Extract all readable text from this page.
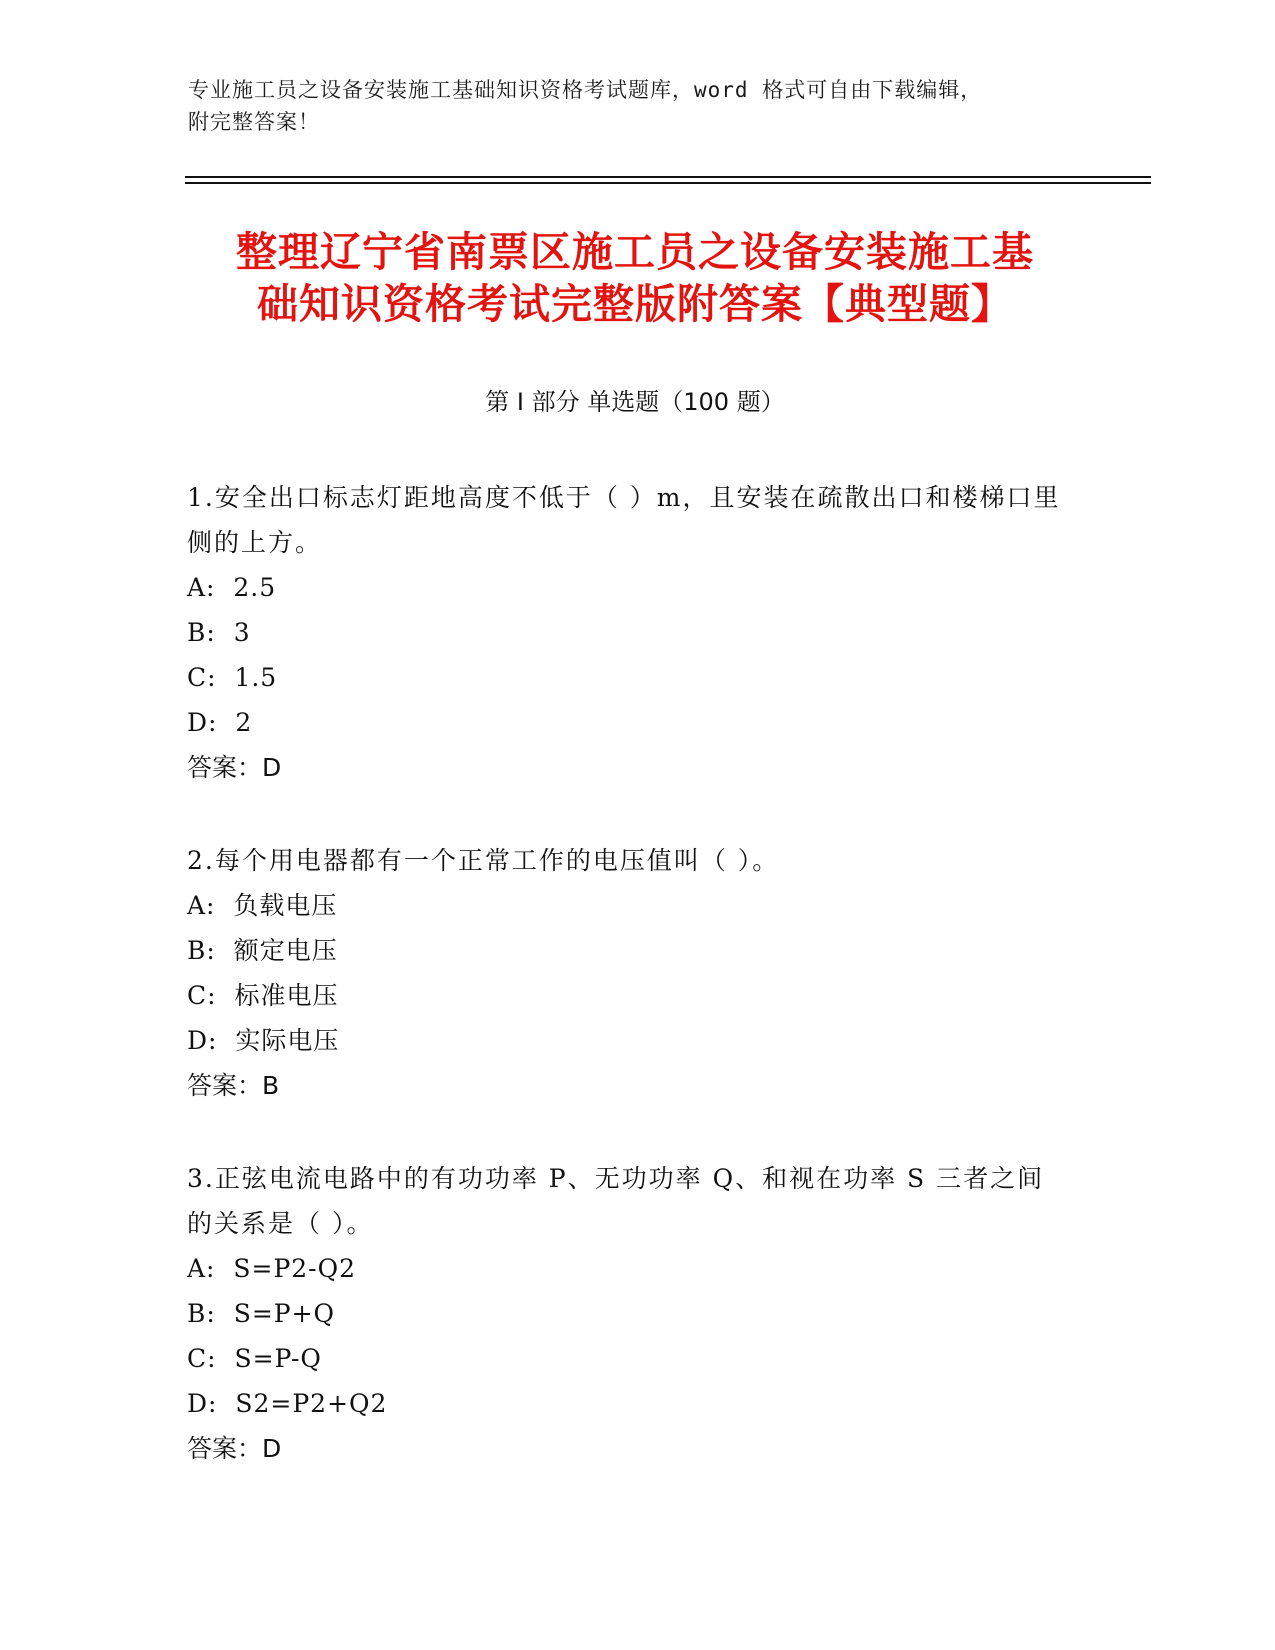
专业施工员之设备安装施工基础知识资格考试题库，word 格式可自由下载编辑，
附完整答案！
整理辽宁省南票区施工员之设备安装施工基
础知识资格考试完整版附答案【典型题】
第 I 部分 单选题（100 题）
1.安全出口标志灯距地高度不低于（ ）m，且安装在疏散出口和楼梯口里侧的上方。
A:  2.5
B:  3
C:  1.5
D:  2
答案：D
2.每个用电器都有一个正常工作的电压值叫（ ）。
A:  负载电压
B:  额定电压
C:  标准电压
D:  实际电压
答案：B
3.正弦电流电路中的有功功率 P、无功功率 Q、和视在功率 S 三者之间的关系是（ ）。
A:  S=P2-Q2
B:  S=P+Q
C:  S=P-Q
D:  S2=P2+Q2
答案：D
